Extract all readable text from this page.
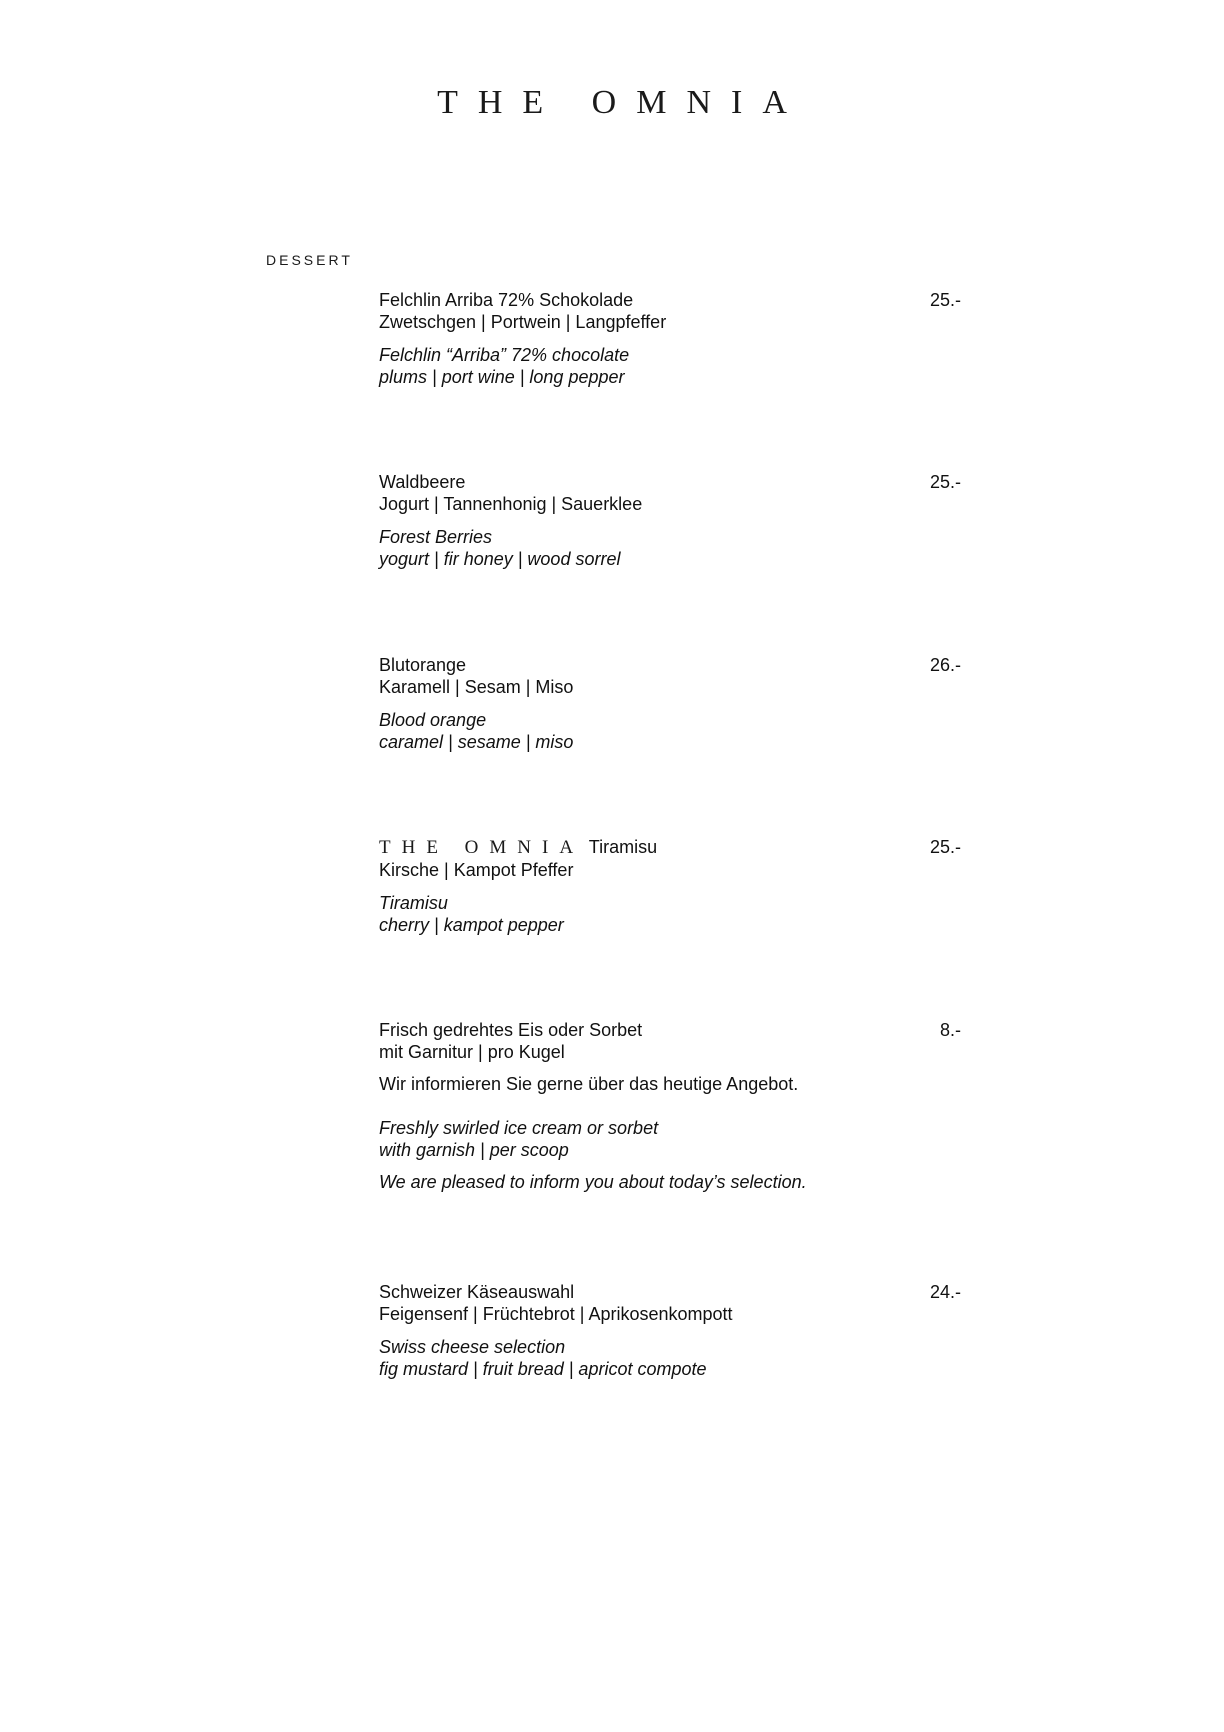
THE OMNIA
DESSERT
Felchlin Arriba 72% Schokolade	25.-
Zwetschgen | Portwein | Langpfeffer
Felchlin “Arriba” 72% chocolate
plums | port wine | long pepper
Waldbeere	25.-
Jogurt | Tannenhonig | Sauerklee
Forest Berries
yogurt | fir honey | wood sorrel
Blutorange	26.-
Karamell | Sesam | Miso
Blood orange
caramel | sesame | miso
THE OMNIA Tiramisu	25.-
Kirsche | Kampot Pfeffer
Tiramisu
cherry | kampot pepper
Frisch gedrehtes Eis oder Sorbet	8.-
mit Garnitur | pro Kugel
Wir informieren Sie gerne über das heutige Angebot.
Freshly swirled ice cream or sorbet
with garnish | per scoop
We are pleased to inform you about today’s selection.
Schweizer Käseauswahl	24.-
Feigensenf | Früchtebrot | Aprikosenkompott
Swiss cheese selection
fig mustard | fruit bread | apricot compote
